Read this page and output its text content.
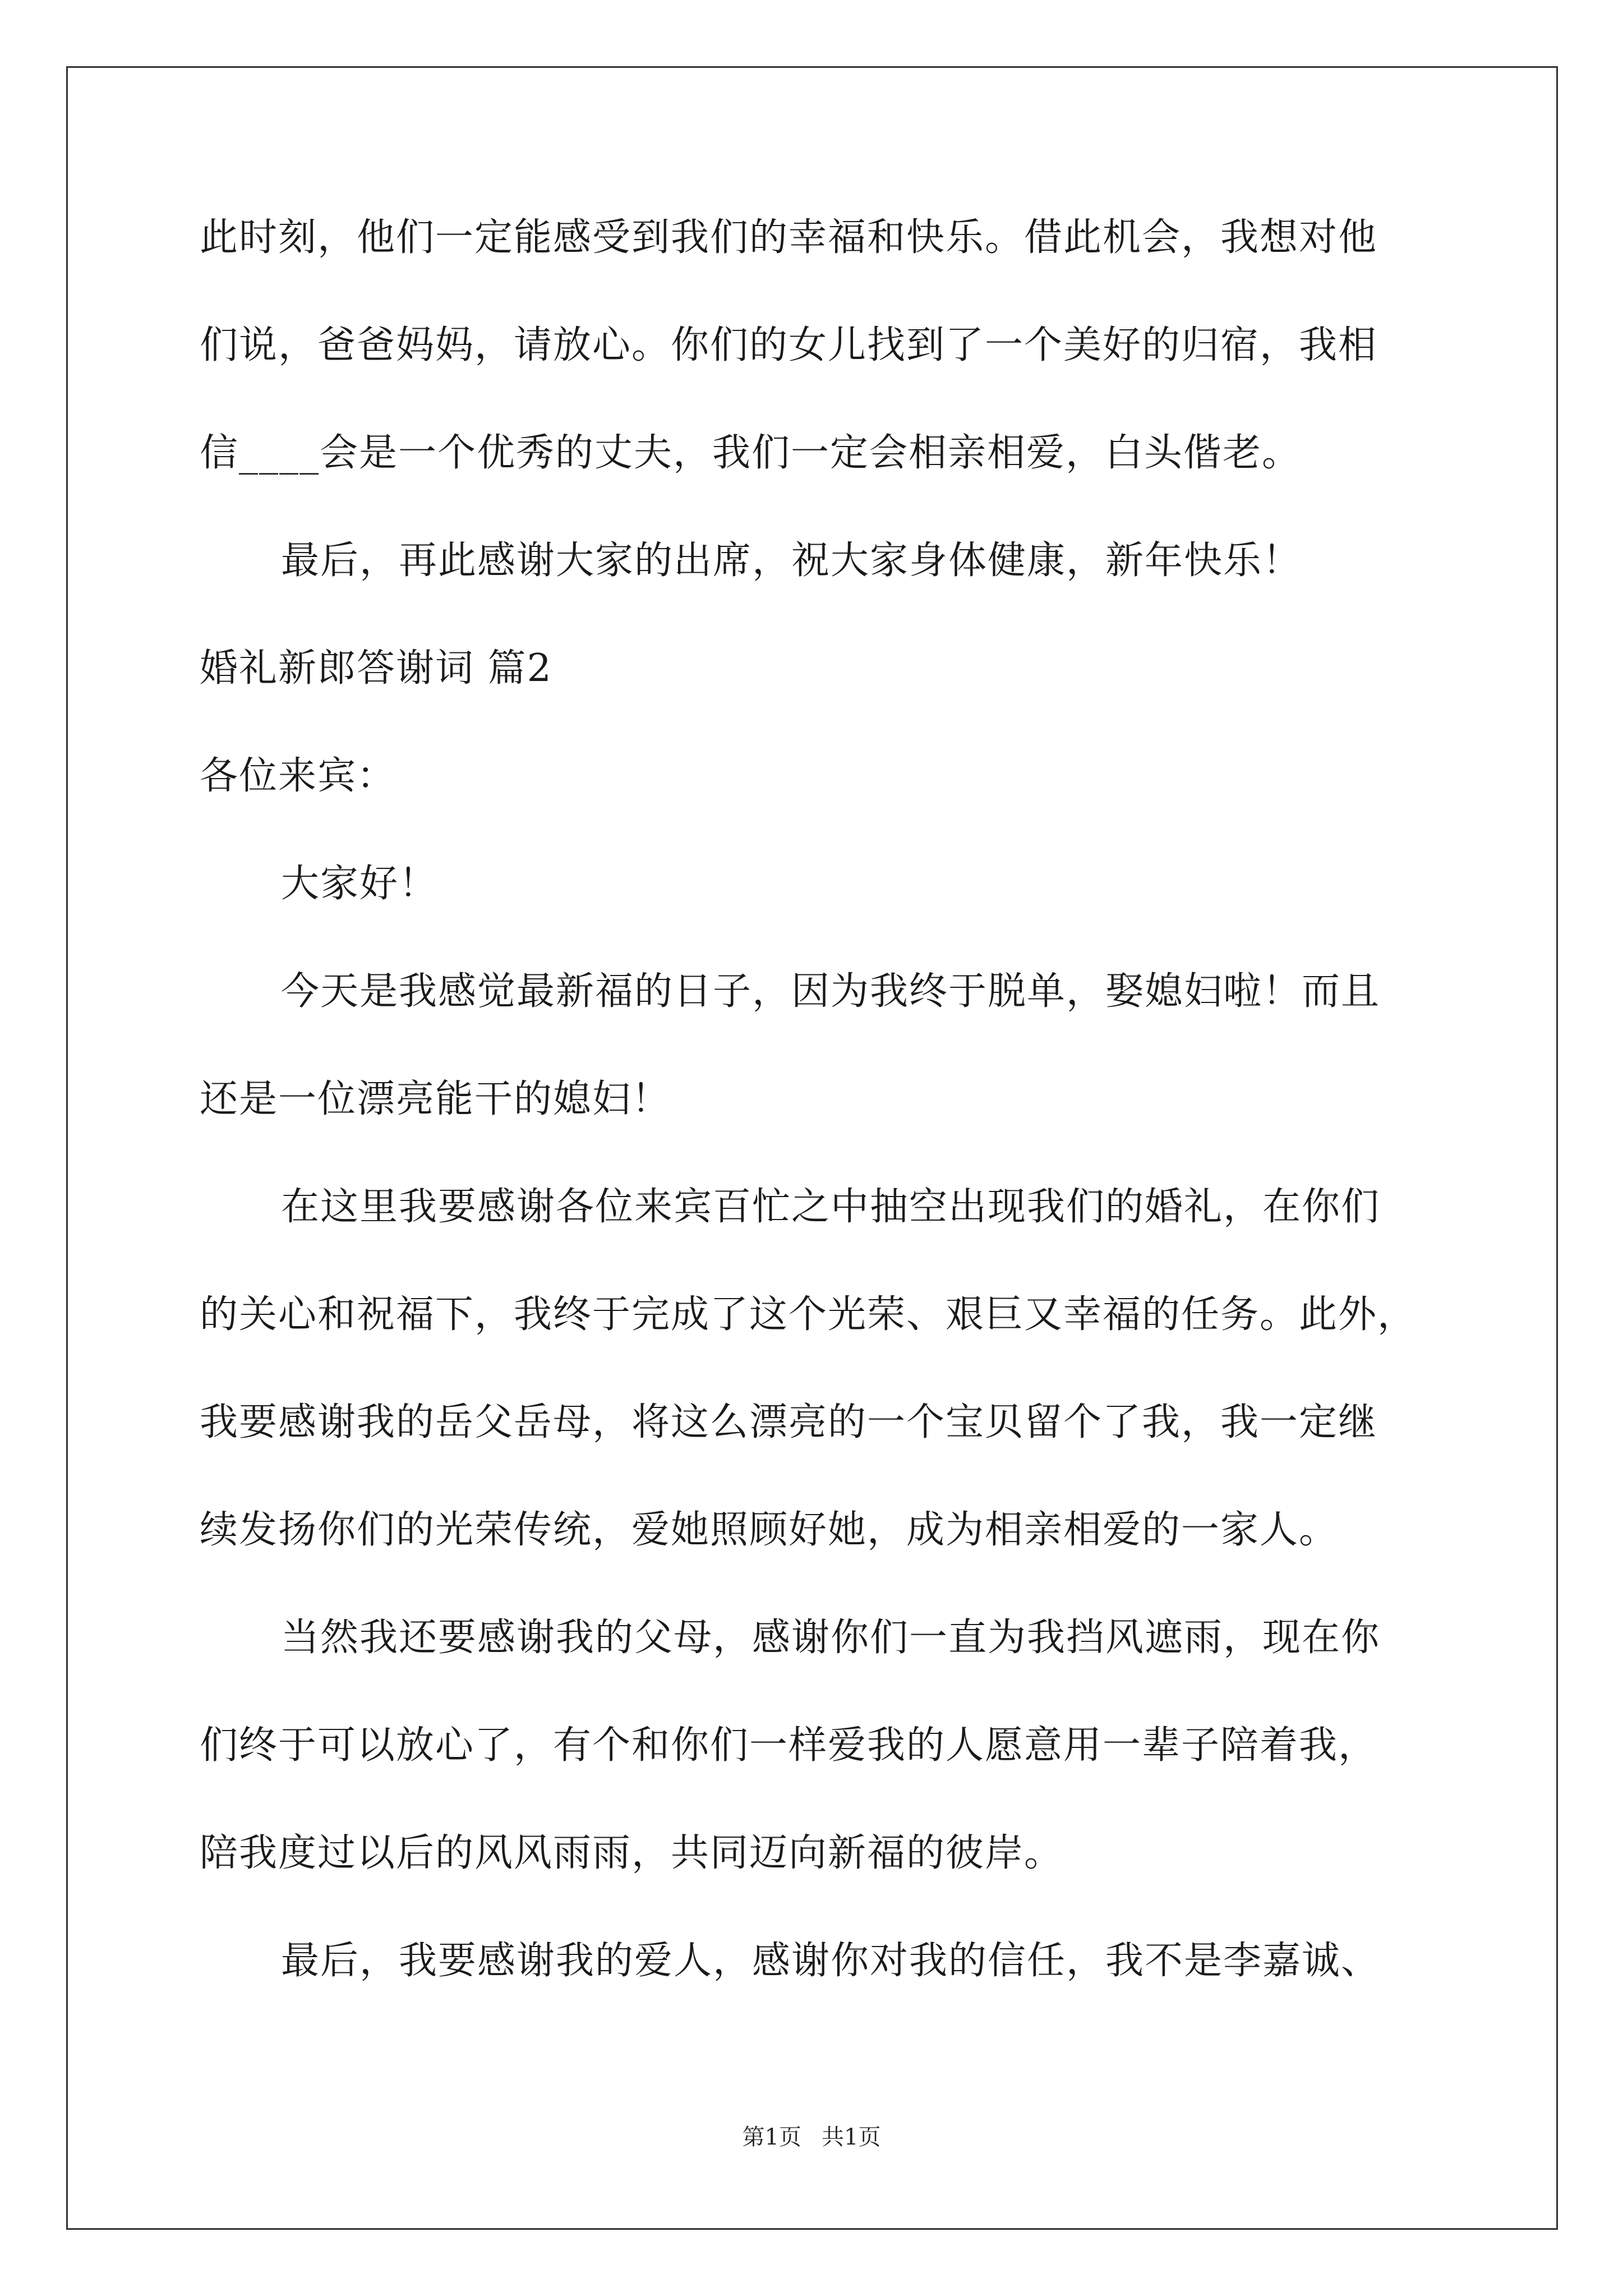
此时刻，他们一定能感受到我们的幸福和快乐。借此机会，我想对他

们说，爸爸妈妈，请放心。你们的女儿找到了一个美好的归宿，我相

信____会是一个优秀的丈夫，我们一定会相亲相爱，白头偕老。

最后，再此感谢大家的出席，祝大家身体健康，新年快乐！

婚礼新郎答谢词 篇2

各位来宾：

大家好！

今天是我感觉最新福的日子，因为我终于脱单，娶媳妇啦！而且

还是一位漂亮能干的媳妇！

在这里我要感谢各位来宾百忙之中抽空出现我们的婚礼，在你们

的关心和祝福下，我终于完成了这个光荣、艰巨又幸福的任务。此外，

我要感谢我的岳父岳母，将这么漂亮的一个宝贝留个了我，我一定继

续发扬你们的光荣传统，爱她照顾好她，成为相亲相爱的一家人。

当然我还要感谢我的父母，感谢你们一直为我挡风遮雨，现在你

们终于可以放心了，有个和你们一样爱我的人愿意用一辈子陪着我，

陪我度过以后的风风雨雨，共同迈向新福的彼岸。

最后，我要感谢我的爱人，感谢你对我的信任，我不是李嘉诚、

第1页 共1页
